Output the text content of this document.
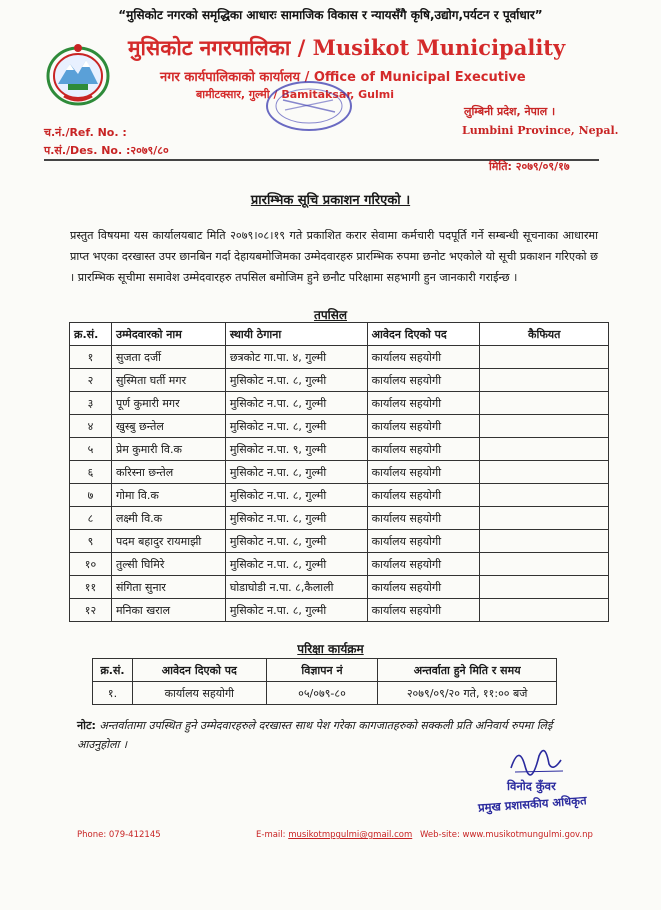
“मुसिकोट नगरको समृद्धिका आधारः सामाजिक विकास र न्यायसँगै कृषि,उद्योग,पर्यटन र पूर्वाधार”
मुसिकोट नगरपालिका / Musikot Municipality
नगर कार्यपालिकाको कार्यालय / Office of Municipal Executive
बामीटक्सार, गुल्मी / Bamitaksar, Gulmi
लुम्बिनी प्रदेश, नेपाल ।
Lumbini Province, Nepal.
च.नं./Ref. No. :
प.सं./Des. No. :२०७९/८०
मिति: २०७९/०९/१७
प्रारम्भिक सूचि प्रकाशन गरिएको ।
प्रस्तुत विषयमा यस कार्यालयबाट मिति २०७९।०८।१९ गते प्रकाशित करार सेवामा कर्मचारी पदपूर्ति गर्ने सम्बन्धी सूचनाका आधारमा प्राप्त भएका दरखास्त उपर छानबिन गर्दा देहायबमोजिमका उम्मेदवारहरु प्रारम्भिक रुपमा छनोट भएकोले यो सूची प्रकाशन गरिएको छ । प्रारम्भिक सूचीमा समावेश उम्मेदवारहरु तपसिल बमोजिम हुने छनौट परिक्षामा सहभागी हुन जानकारी गराईन्छ ।
तपसिल
क्र.सं.	उम्मेदवारको नाम	स्थायी ठेगाना	आवेदन दिएको पद	कैफियत
१	सुजता दर्जी	छत्रकोट गा.पा. ४, गुल्मी	कार्यालय सहयोगी	
२	सुस्मिता घर्ती मगर	मुसिकोट न.पा. ८, गुल्मी	कार्यालय सहयोगी	
३	पूर्ण कुमारी मगर	मुसिकोट न.पा. ८, गुल्मी	कार्यालय सहयोगी	
४	खुस्बु छन्तेल	मुसिकोट न.पा. ८, गुल्मी	कार्यालय सहयोगी	
५	प्रेम कुमारी वि.क	मुसिकोट न.पा. ९, गुल्मी	कार्यालय सहयोगी	
६	करिस्ना छन्तेल	मुसिकोट न.पा. ८, गुल्मी	कार्यालय सहयोगी	
७	गोमा वि.क	मुसिकोट न.पा. ८, गुल्मी	कार्यालय सहयोगी	
८	लक्ष्मी वि.क	मुसिकोट न.पा. ८, गुल्मी	कार्यालय सहयोगी	
९	पदम बहादुर रायमाझी	मुसिकोट न.पा. ८, गुल्मी	कार्यालय सहयोगी	
१०	तुल्सी घिमिरे	मुसिकोट न.पा. ८, गुल्मी	कार्यालय सहयोगी	
११	संगिता सुनार	घोडाघोडी न.पा. ८,कैलाली	कार्यालय सहयोगी	
१२	मनिका खराल	मुसिकोट न.पा. ८, गुल्मी	कार्यालय सहयोगी	
परिक्षा कार्यक्रम
क्र.सं.	आवेदन दिएको पद	विज्ञापन नं	अन्तर्वाता हुने मिति र समय
१.	कार्यालय सहयोगी	०५/०७९-८०	२०७९/०९/२० गते, ११:०० बजे
नोट: अन्तर्वातामा उपस्थित हुने उम्मेदवारहरुले दरखास्त साथ पेश गरेका कागजातहरुको सक्कली प्रति अनिवार्य रुपमा लिई आउनुहोला ।
विनोद कुँवर
प्रमुख प्रशासकीय अधिकृत
Phone: 079-412145	E-mail: musikotmpgulmi@gmail.com Web-site: www.musikotmungulmi.gov.np
